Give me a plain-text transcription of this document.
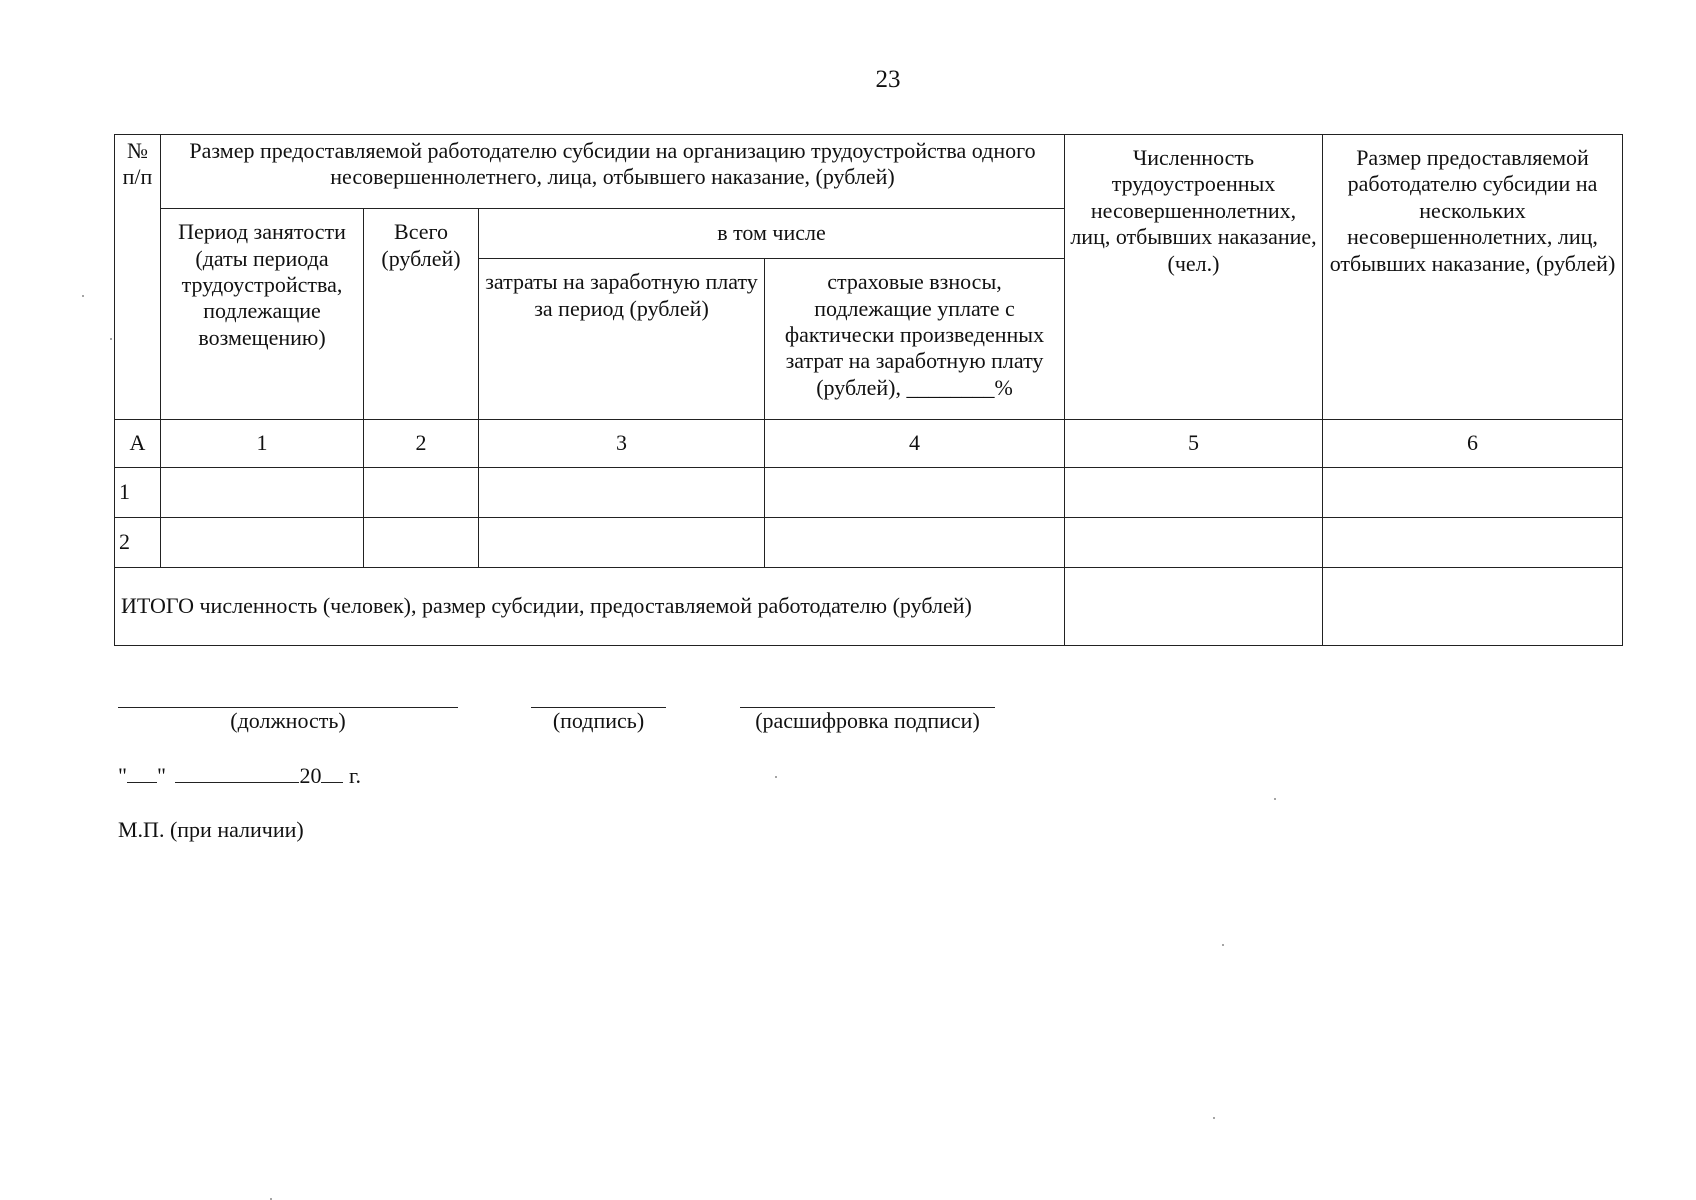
23
№ п/п	Размер предоставляемой работодателю субсидии на организацию трудоустройства одного несовершеннолетнего, лица, отбывшего наказание, (рублей)				Численность трудоустроенных несовершеннолетних, лиц, отбывших наказание, (чел.)	Размер предоставляемой работодателю субсидии на нескольких несовершеннолетних, лиц, отбывших наказание, (рублей)
	Период занятости (даты периода трудоустройства, подлежащие возмещению)	Всего (рублей)	в том числе			
			затраты на заработную плату за период (рублей)	страховые взносы, подлежащие уплате с фактически произведенных затрат на заработную плату (рублей), ________%		
А	1	2	3	4	5	6
1						
2						
ИТОГО численность (человек), размер субсидии, предоставляемой работодателю (рублей)						
(должность)	(подпись)	(расшифровка подписи)
" "	20 г.
М.П. (при наличии)
